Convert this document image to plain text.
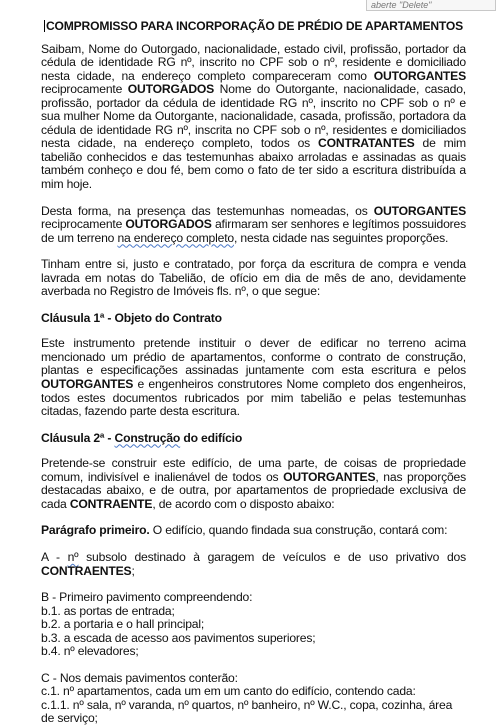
aberte "Delete"
COMPROMISSO PARA INCORPORAÇÃO DE PRÉDIO DE APARTAMENTOS

Saibam, Nome do Outorgado, nacionalidade, estado civil, profissão, portador da cédula de identidade RG nº, inscrito no CPF sob o nº, residente e domiciliado nesta cidade, na endereço completo compareceram como OUTORGANTES reciprocamente OUTORGADOS Nome do Outorgante, nacionalidade, casado, profissão, portador da cédula de identidade RG nº, inscrito no CPF sob o nº e sua mulher Nome da Outorgante, nacionalidade, casada, profissão, portadora da cédula de identidade RG nº, inscrita no CPF sob o nº, residentes e domiciliados nesta cidade, na endereço completo, todos os CONTRATANTES de mim tabelião conhecidos e das testemunhas abaixo arroladas e assinadas as quais também conheço e dou fé, bem como o fato de ter sido a escritura distribuída a mim hoje.

Desta forma, na presença das testemunhas nomeadas, os OUTORGANTES reciprocamente OUTORGADOS afirmaram ser senhores e legítimos possuidores de um terreno na endereço completo, nesta cidade nas seguintes proporções.

Tinham entre si, justo e contratado, por força da escritura de compra e venda lavrada em notas do Tabelião, de ofício em dia de mês de ano, devidamente averbada no Registro de Imóveis fls. nº, o que segue:

Cláusula 1ª - Objeto do Contrato

Este instrumento pretende instituir o dever de edificar no terreno acima mencionado um prédio de apartamentos, conforme o contrato de construção, plantas e especificações assinadas juntamente com esta escritura e pelos OUTORGANTES e engenheiros construtores Nome completo dos engenheiros, todos estes documentos rubricados por mim tabelião e pelas testemunhas citadas, fazendo parte desta escritura.

Cláusula 2ª - Construção do edifício

Pretende-se construir este edifício, de uma parte, de coisas de propriedade comum, indivisível e inalienável de todos os OUTORGANTES, nas proporções destacadas abaixo, e de outra, por apartamentos de propriedade exclusiva de cada CONTRAENTE, de acordo com o disposto abaixo:

Parágrafo primeiro. O edifício, quando findada sua construção, contará com:

A - nº subsolo destinado à garagem de veículos e de uso privativo dos CONTRAENTES;

B - Primeiro pavimento compreendendo:
b.1. as portas de entrada;
b.2. a portaria e o hall principal;
b.3. a escada de acesso aos pavimentos superiores;
b.4. nº elevadores;
C - Nos demais pavimentos conterão:
c.1. nº apartamentos, cada um em um canto do edifício, contendo cada:
c.1.1. nº sala, nº varanda, nº quartos, nº banheiro, nº W.C., copa, cozinha, área de serviço;
